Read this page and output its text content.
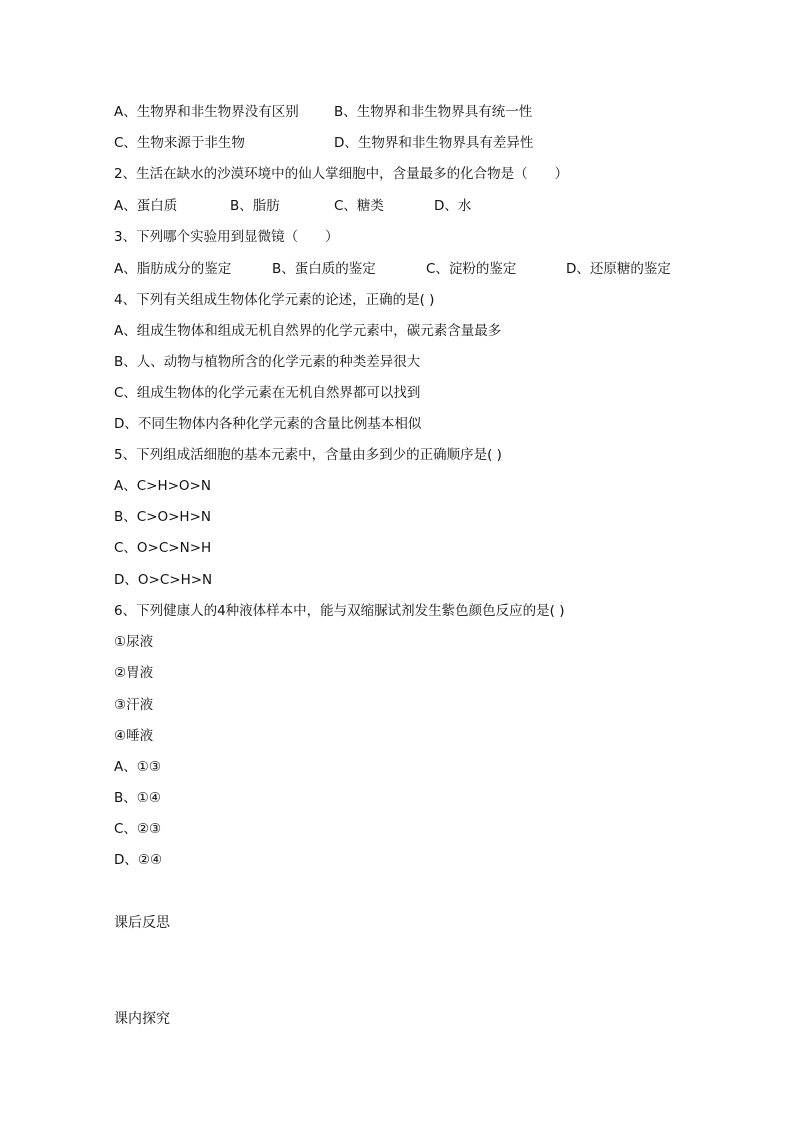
A、生物界和非生物界没有区别	B、生物界和非生物界具有统一性
C、生物来源于非生物	D、生物界和非生物界具有差异性
2、生活在缺水的沙漠环境中的仙人掌细胞中，含量最多的化合物是（　　）
A、蛋白质	B、脂肪	C、糖类	D、水
3、下列哪个实验用到显微镜（　　）
A、脂肪成分的鉴定	B、蛋白质的鉴定	C、淀粉的鉴定	D、还原糖的鉴定
4、下列有关组成生物体化学元素的论述，正确的是( )
A、组成生物体和组成无机自然界的化学元素中，碳元素含量最多
B、人、动物与植物所含的化学元素的种类差异很大
C、组成生物体的化学元素在无机自然界都可以找到
D、不同生物体内各种化学元素的含量比例基本相似
5、下列组成活细胞的基本元素中，含量由多到少的正确顺序是( )
A、C>H>O>N
B、C>O>H>N
C、O>C>N>H
D、O>C>H>N
6、下列健康人的4种液体样本中，能与双缩脲试剂发生紫色颜色反应的是( )
①尿液
②胃液
③汗液
④唾液
A、①③
B、①④
C、②③
D、②④
课后反思
课内探究
